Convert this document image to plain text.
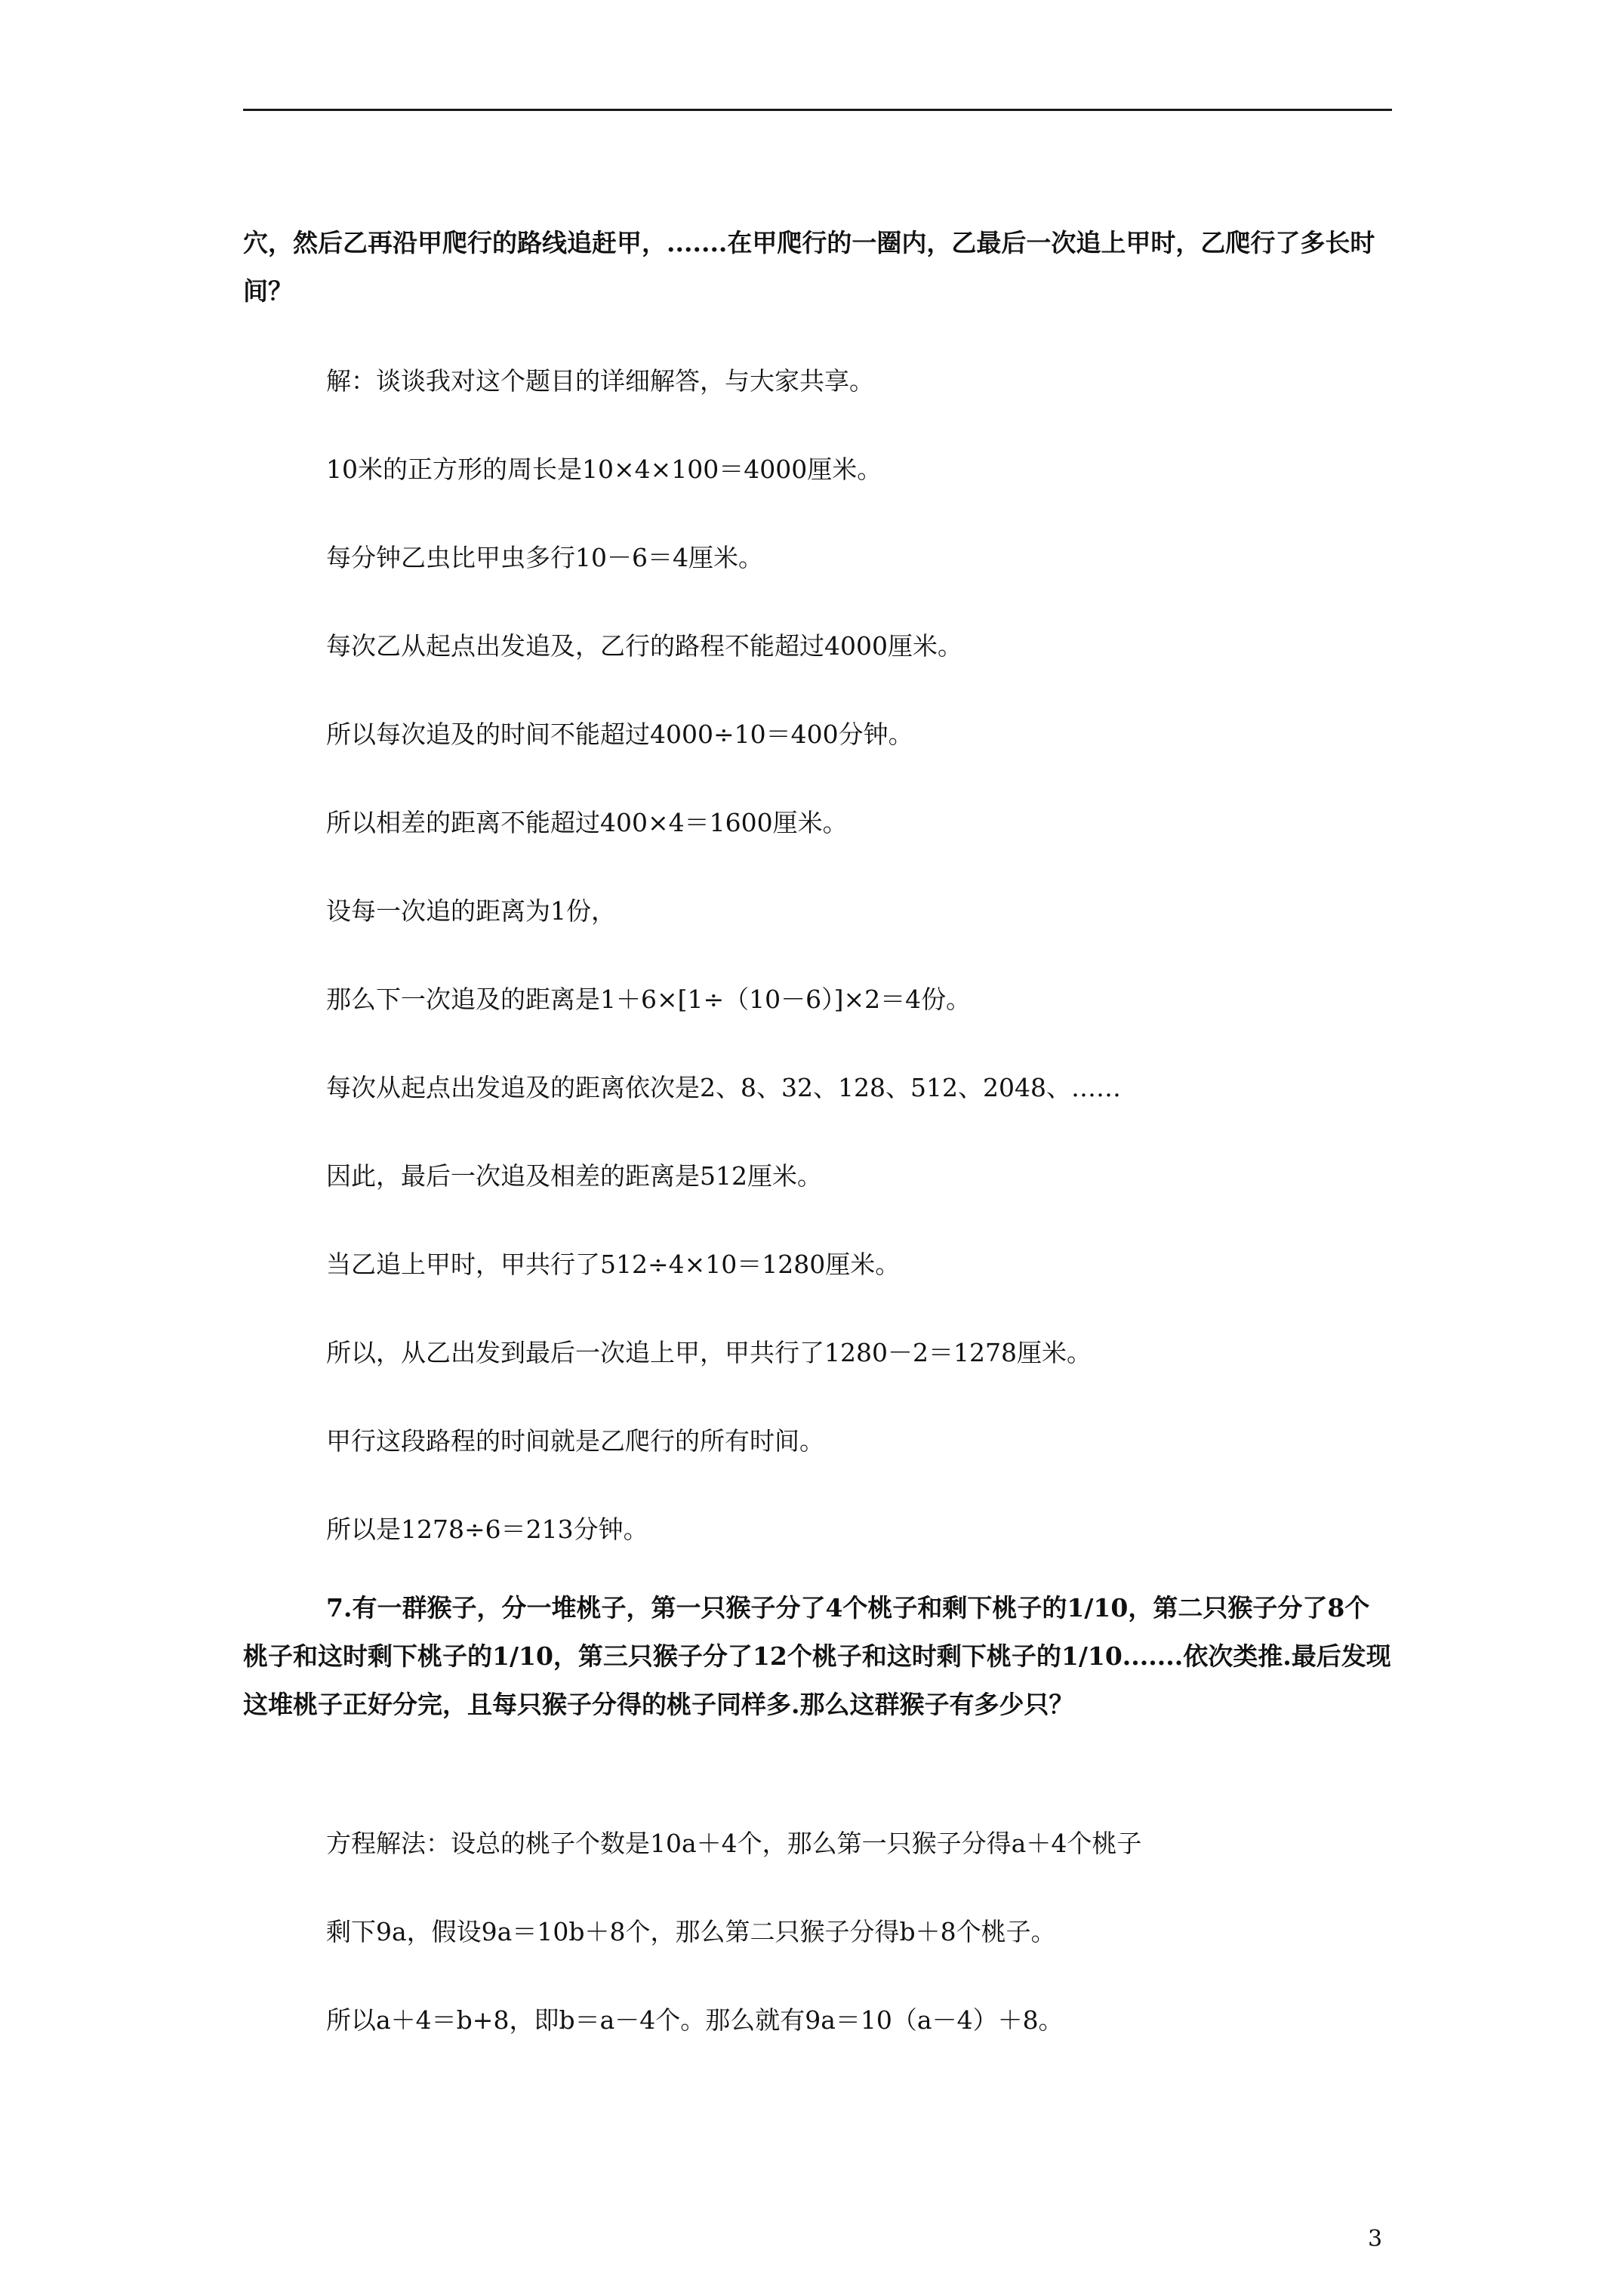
穴，然后乙再沿甲爬行的路线追赶甲，.......在甲爬行的一圈内，乙最后一次追上甲时，乙爬行了多长时间？

解：谈谈我对这个题目的详细解答，与大家共享。

10米的正方形的周长是10×4×100＝4000厘米。

每分钟乙虫比甲虫多行10－6＝4厘米。

每次乙从起点出发追及，乙行的路程不能超过4000厘米。

所以每次追及的时间不能超过4000÷10＝400分钟。

所以相差的距离不能超过400×4＝1600厘米。

设每一次追的距离为1份，

那么下一次追及的距离是1＋6×[1÷（10－6）]×2＝4份。

每次从起点出发追及的距离依次是2、8、32、128、512、2048、……

因此，最后一次追及相差的距离是512厘米。

当乙追上甲时，甲共行了512÷4×10＝1280厘米。

所以，从乙出发到最后一次追上甲，甲共行了1280－2＝1278厘米。

甲行这段路程的时间就是乙爬行的所有时间。

所以是1278÷6＝213分钟。

7.有一群猴子，分一堆桃子，第一只猴子分了4个桃子和剩下桃子的1/10，第二只猴子分了8个桃子和这时剩下桃子的1/10，第三只猴子分了12个桃子和这时剩下桃子的1/10.......依次类推.最后发现这堆桃子正好分完，且每只猴子分得的桃子同样多.那么这群猴子有多少只？

方程解法：设总的桃子个数是10a＋4个，那么第一只猴子分得a＋4个桃子

剩下9a，假设9a＝10b＋8个，那么第二只猴子分得b＋8个桃子。

所以a＋4＝b+8，即b＝a－4个。那么就有9a＝10（a－4）＋8。

3
